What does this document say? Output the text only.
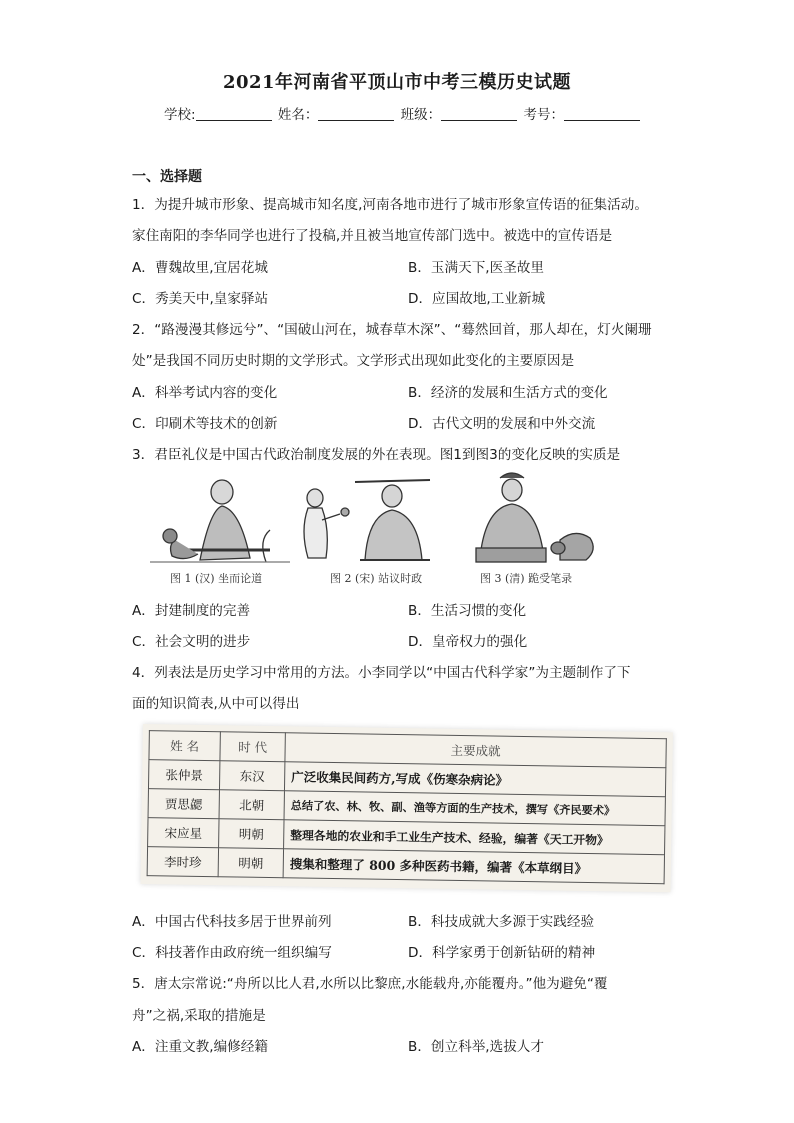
2021年河南省平顶山市中考三模历史试题
学校:	姓名：	班级：	考号：
一、选择题
1．为提升城市形象、提高城市知名度,河南各地市进行了城市形象宣传语的征集活动。
家住南阳的李华同学也进行了投稿,并且被当地宣传部门选中。被选中的宣传语是
A．曹魏故里,宜居花城	B．玉满天下,医圣故里
C．秀美天中,皇家驿站	D．应国故地,工业新城
2．“路漫漫其修远兮”、“国破山河在，城春草木深”、“蓦然回首，那人却在，灯火阑珊
处”是我国不同历史时期的文学形式。文学形式出现如此变化的主要原因是
A．科举考试内容的变化	B．经济的发展和生活方式的变化
C．印刷术等技术的创新	D．古代文明的发展和中外交流
3．君臣礼仪是中国古代政治制度发展的外在表现。图1到图3的变化反映的实质是
图 1 (汉) 坐而论道	图 2 (宋) 站议时政	图 3 (清) 跪受笔录
A．封建制度的完善	B．生活习惯的变化
C．社会文明的进步	D．皇帝权力的强化
4．列表法是历史学习中常用的方法。小李同学以“中国古代科学家”为主题制作了下
面的知识简表,从中可以得出
姓 名	时 代	主要成就
张仲景	东汉	广泛收集民间药方,写成《伤寒杂病论》
贾思勰	北朝	总结了农、林、牧、副、渔等方面的生产技术，撰写《齐民要术》
宋应星	明朝	整理各地的农业和手工业生产技术、经验，编著《天工开物》
李时珍	明朝	搜集和整理了 800 多种医药书籍，编著《本草纲目》
A．中国古代科技多居于世界前列	B．科技成就大多源于实践经验
C．科技著作由政府统一组织编写	D．科学家勇于创新钻研的精神
5．唐太宗常说:“舟所以比人君,水所以比黎庶,水能载舟,亦能覆舟。”他为避免“覆
舟”之祸,采取的措施是
A．注重文教,编修经籍	B．创立科举,选拔人才
